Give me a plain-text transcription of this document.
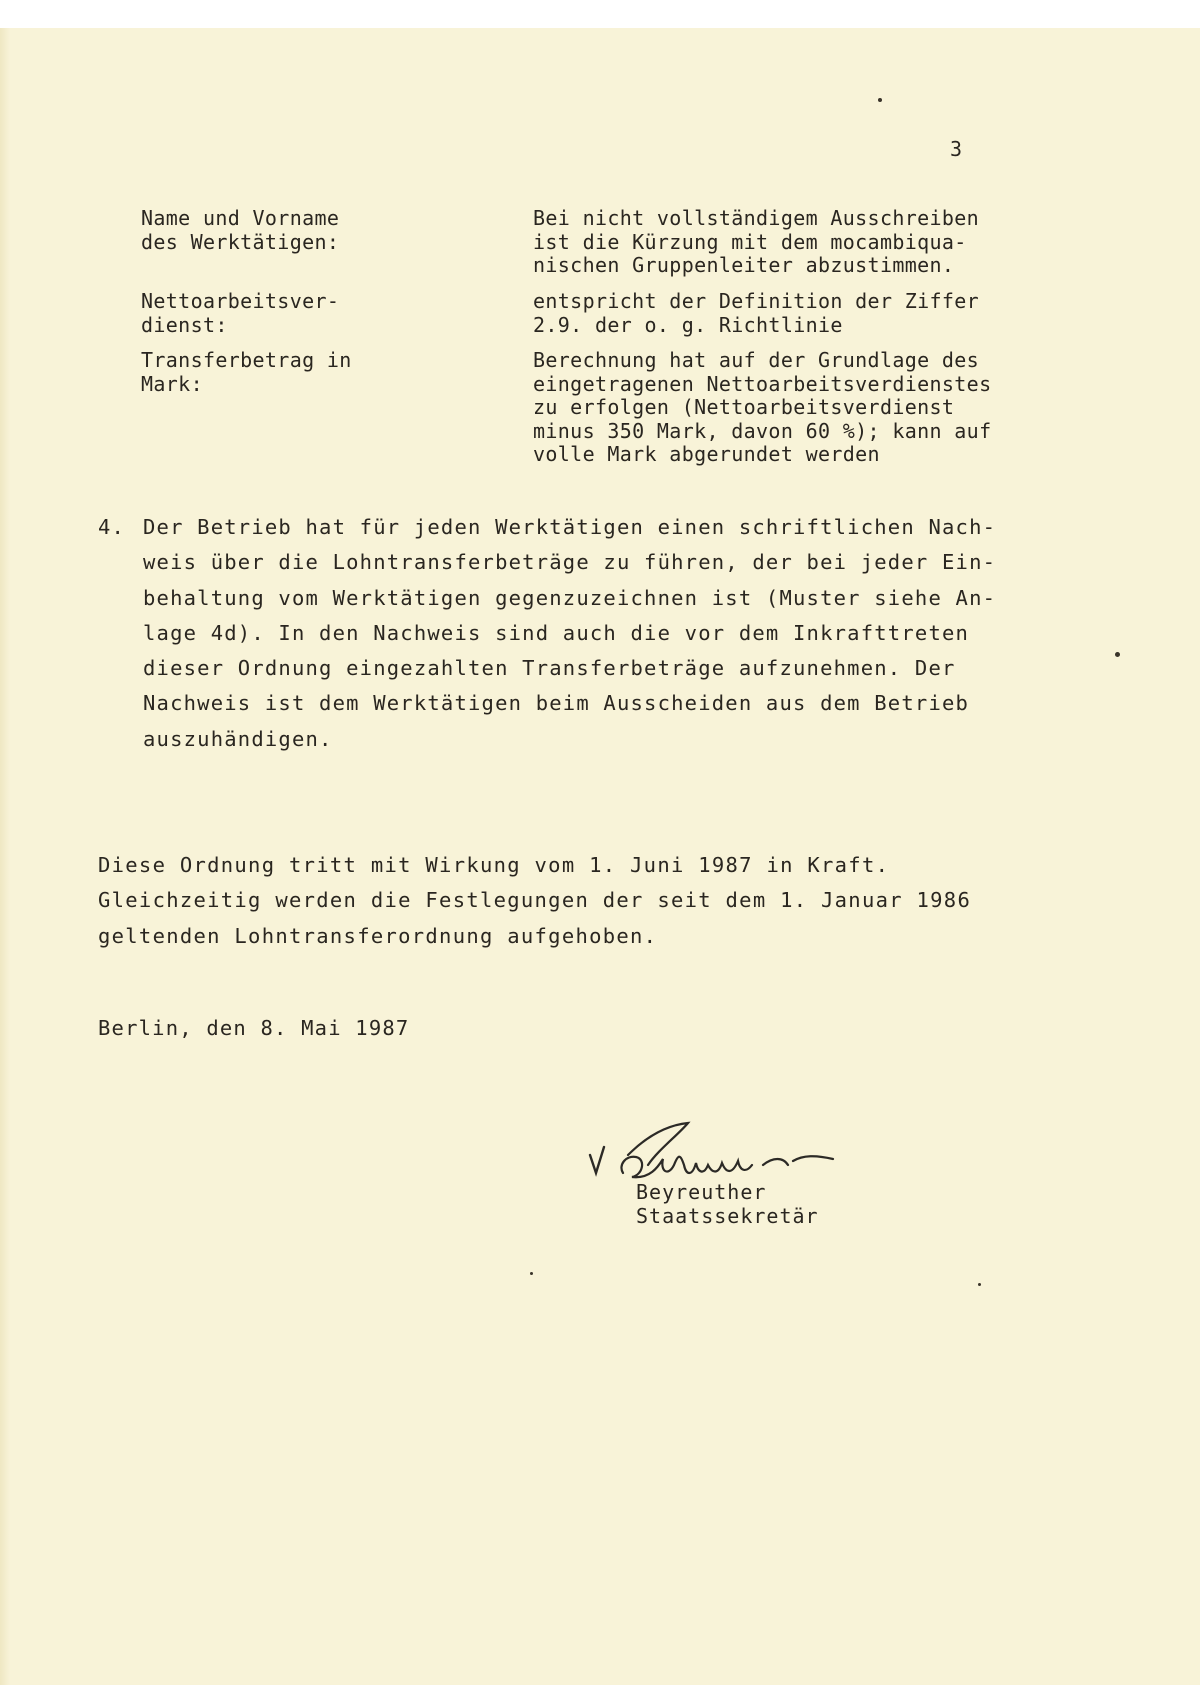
3
Name und Vorname
des Werktätigen:
Bei nicht vollständigem Ausschreiben
ist die Kürzung mit dem mocambiqua-
nischen Gruppenleiter abzustimmen.
Nettoarbeitsver-
dienst:
entspricht der Definition der Ziffer
2.9. der o. g. Richtlinie
Transferbetrag in
Mark:
Berechnung hat auf der Grundlage des
eingetragenen Nettoarbeitsverdienstes
zu erfolgen (Nettoarbeitsverdienst
minus 350 Mark, davon 60 %); kann auf
volle Mark abgerundet werden
4. Der Betrieb hat für jeden Werktätigen einen schriftlichen Nach-
weis über die Lohntransferbeträge zu führen, der bei jeder Ein-
behaltung vom Werktätigen gegenzuzeichnen ist (Muster siehe An-
lage 4d). In den Nachweis sind auch die vor dem Inkrafttreten
dieser Ordnung eingezahlten Transferbeträge aufzunehmen. Der
Nachweis ist dem Werktätigen beim Ausscheiden aus dem Betrieb
auszuhändigen.
Diese Ordnung tritt mit Wirkung vom 1. Juni 1987 in Kraft.
Gleichzeitig werden die Festlegungen der seit dem 1. Januar 1986
geltenden Lohntransferordnung aufgehoben.
Berlin, den 8. Mai 1987
Beyreuther
Staatssekretär
